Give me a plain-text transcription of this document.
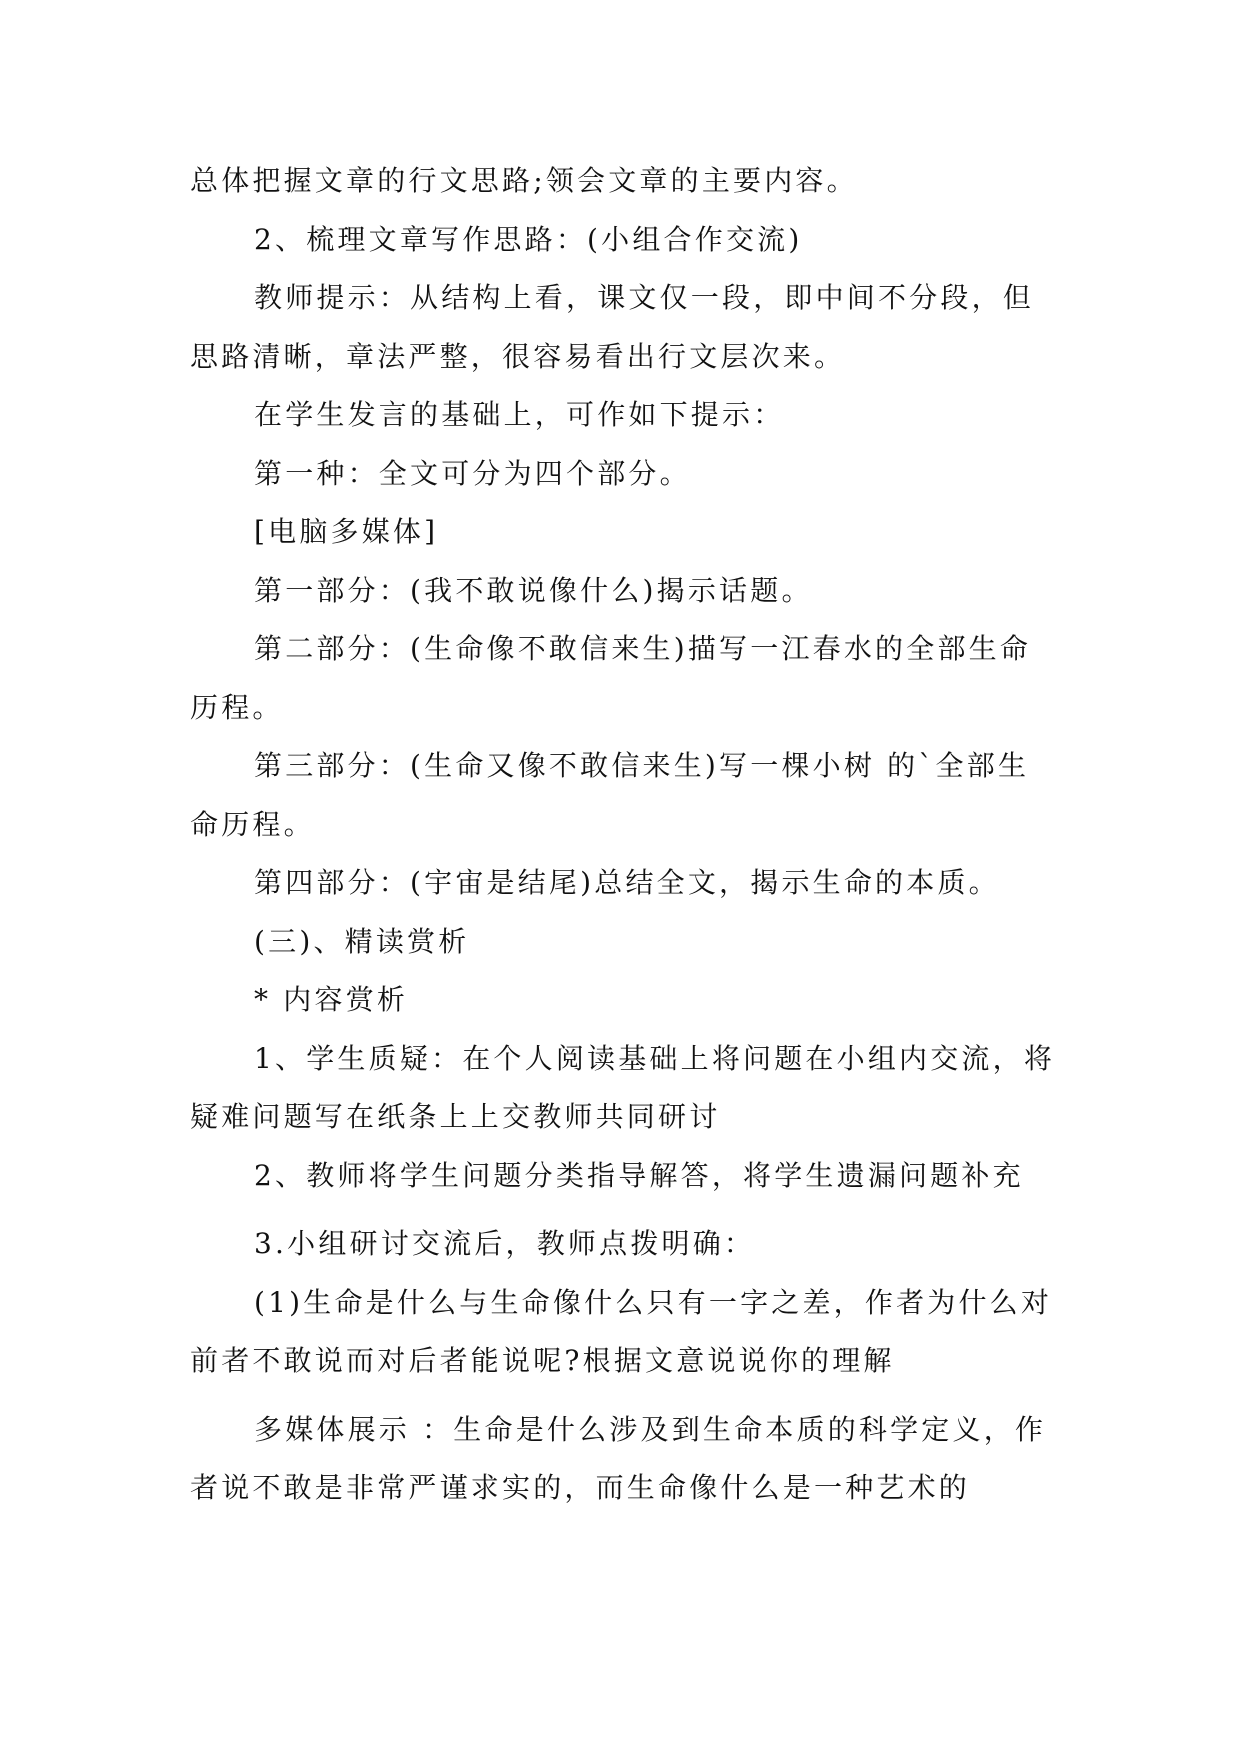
总体把握文章的行文思路;领会文章的主要内容。

2、梳理文章写作思路：(小组合作交流)

教师提示：从结构上看，课文仅一段，即中间不分段，但思路清晰，章法严整，很容易看出行文层次来。

在学生发言的基础上，可作如下提示：

第一种：全文可分为四个部分。

[电脑多媒体]

第一部分：(我不敢说像什么)揭示话题。

第二部分：(生命像不敢信来生)描写一江春水的全部生命历程。

第三部分：(生命又像不敢信来生)写一棵小树 的`全部生命历程。

第四部分：(宇宙是结尾)总结全文，揭示生命的本质。

(三)、精读赏析

* 内容赏析

1、学生质疑：在个人阅读基础上将问题在小组内交流，将疑难问题写在纸条上上交教师共同研讨

2、教师将学生问题分类指导解答，将学生遗漏问题补充

3.小组研讨交流后，教师点拨明确：

(1)生命是什么与生命像什么只有一字之差，作者为什么对前者不敢说而对后者能说呢?根据文意说说你的理解

多媒体展示 ：生命是什么涉及到生命本质的科学定义，作者说不敢是非常严谨求实的，而生命像什么是一种艺术的
